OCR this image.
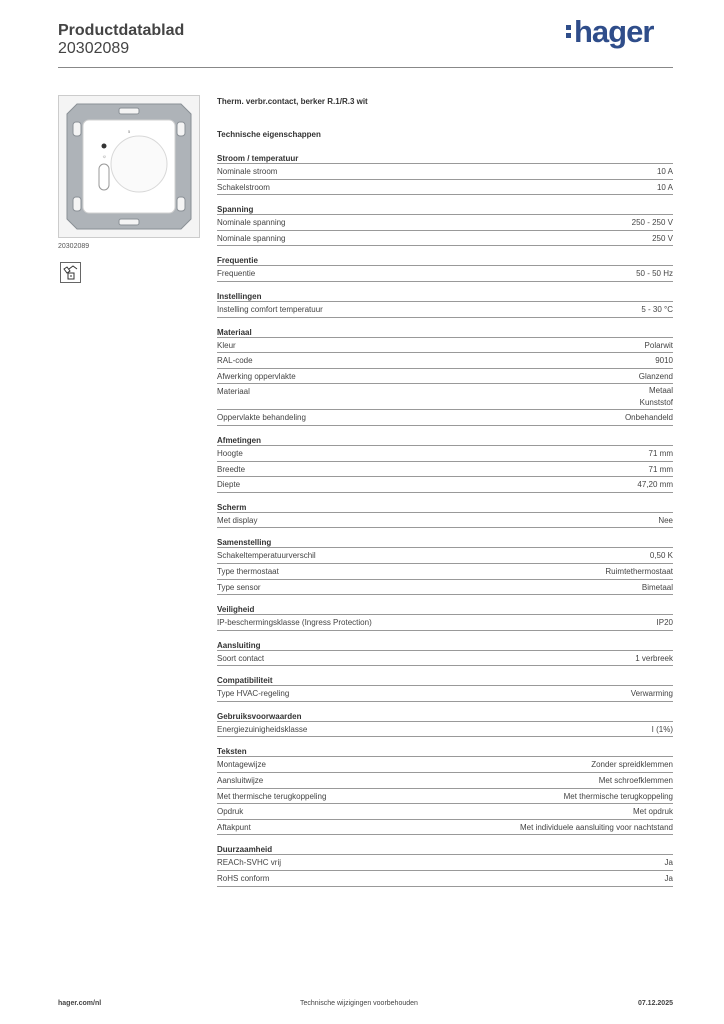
Productdatablad
20302089	hager
5
☼
20302089
Therm. verbr.contact, berker R.1/R.3 wit
Technische eigenschappen
Stroom / temperatuur
Nominale stroom	10 A
Schakelstroom	10 A
Spanning
Nominale spanning	250 - 250 V
Nominale spanning	250 V
Frequentie
Frequentie	50 - 50 Hz
Instellingen
Instelling comfort temperatuur	5 - 30 °C
Materiaal
Kleur	Polarwit
RAL-code	9010
Afwerking oppervlakte	Glanzend
Materiaal	Metaal
Kunststof
Oppervlakte behandeling	Onbehandeld
Afmetingen
Hoogte	71 mm
Breedte	71 mm
Diepte	47,20 mm
Scherm
Met display	Nee
Samenstelling
Schakeltemperatuurverschil	0,50 K
Type thermostaat	Ruimtethermostaat
Type sensor	Bimetaal
Veiligheid
IP-beschermingsklasse (Ingress Protection)	IP20
Aansluiting
Soort contact	1 verbreek
Compatibiliteit
Type HVAC-regeling	Verwarming
Gebruiksvoorwaarden
Energiezuinigheidsklasse	I (1%)
Teksten
Montagewijze	Zonder spreidklemmen
Aansluitwijze	Met schroefklemmen
Met thermische terugkoppeling	Met thermische terugkoppeling
Opdruk	Met opdruk
Aftakpunt	Met individuele aansluiting voor nachtstand
Duurzaamheid
REACh-SVHC vrij	Ja
RoHS conform	Ja
hager.com/nl	Technische wijzigingen voorbehouden	07.12.2025
